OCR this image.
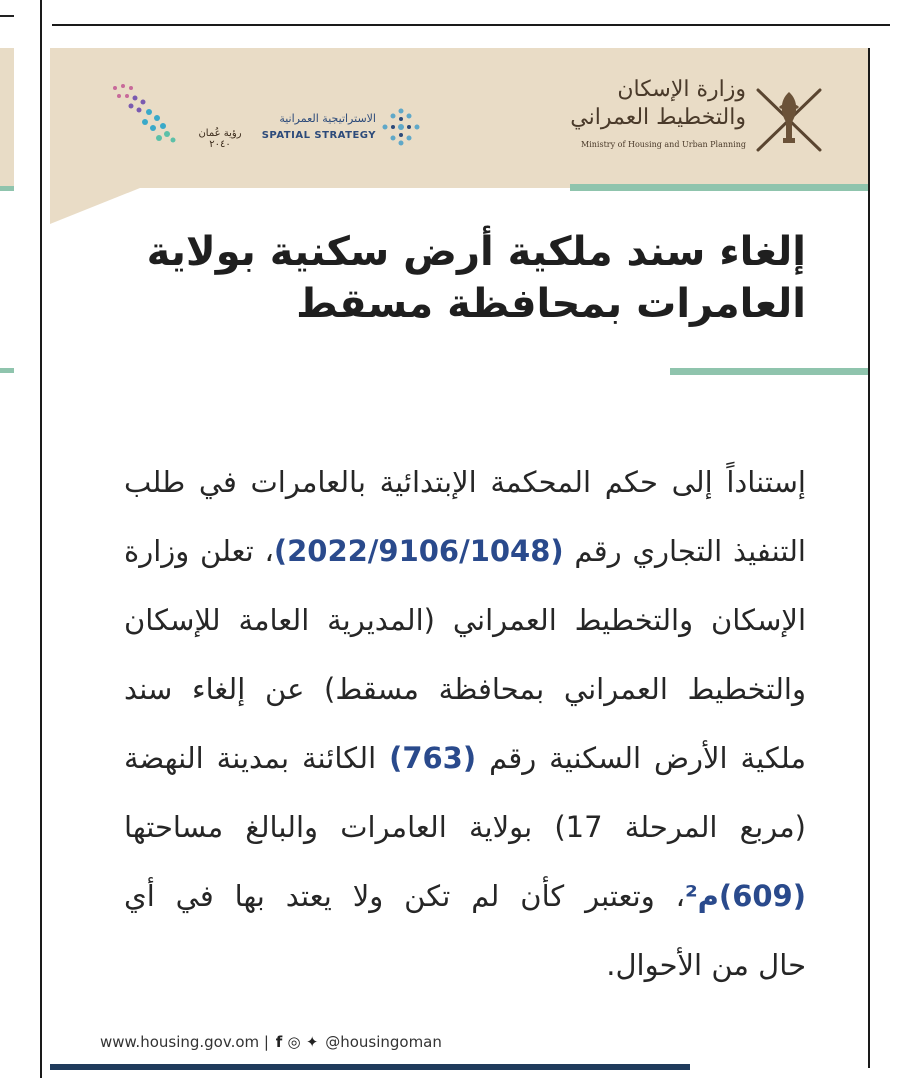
وزارة الإسكان
والتخطيط العمراني
Ministry of Housing and Urban Planning
الاستراتيجية العمرانية
SPATIAL STRATEGY
رؤية عُمان ٢٠٤٠
إلغاء سند ملكية أرض سكنية بولاية
العامرات بمحافظة مسقط
إستناداً إلى حكم المحكمة الإبتدائية بالعامرات في طلب
التنفيذ التجاري رقم (2022/9106/1048)، تعلن وزارة
الإسكان والتخطيط العمراني (المديرية العامة للإسكان
والتخطيط العمراني بمحافظة مسقط) عن إلغاء سند
ملكية الأرض السكنية رقم (763) الكائنة بمدينة النهضة
(مربع المرحلة 17) بولاية العامرات والبالغ مساحتها
(609)م²، وتعتبر كأن لم تكن ولا يعتد بها في أي
حال من الأحوال.
www.housing.gov.om | f ◎ ✦ @housingoman
